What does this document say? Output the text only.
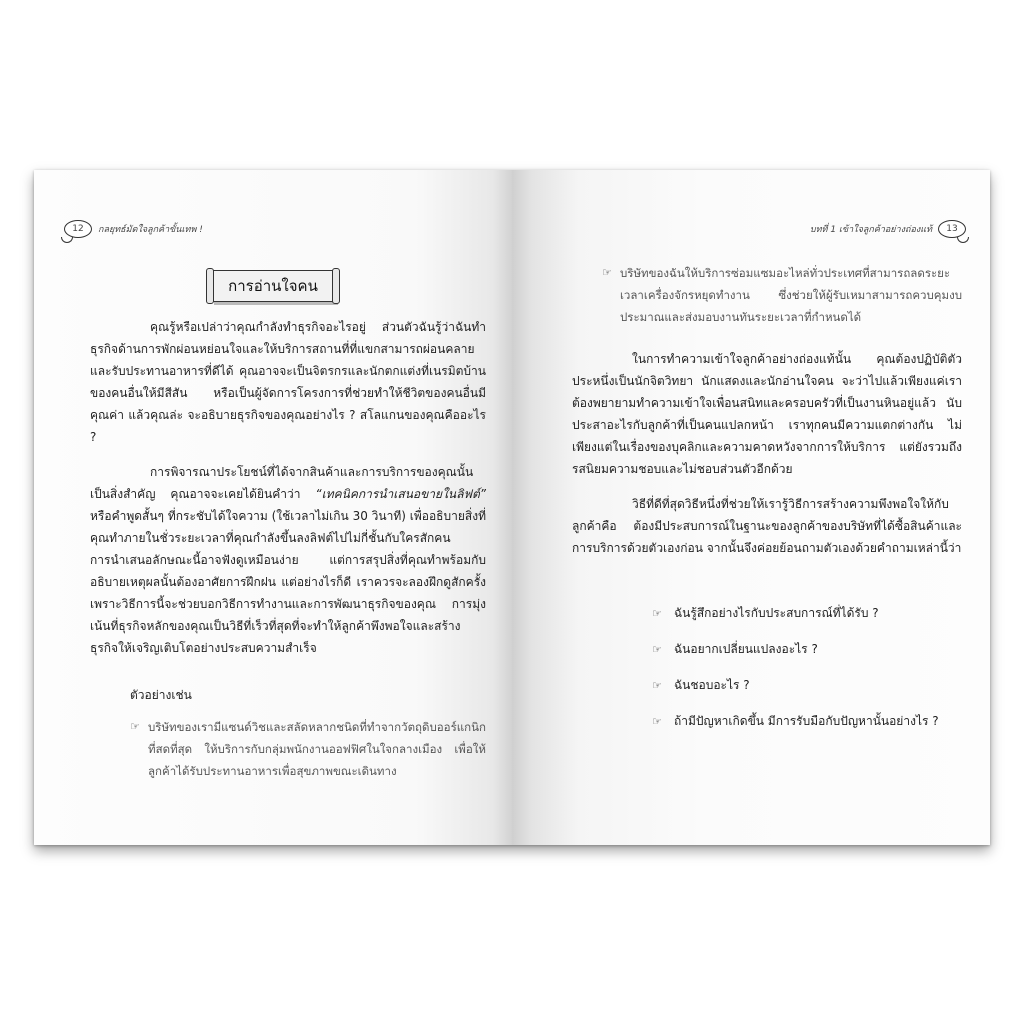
12 กลยุทธ์มัดใจลูกค้าขั้นเทพ !
การอ่านใจคน
คุณรู้หรือเปล่าว่าคุณกำลังทำธุรกิจอะไรอยู่ ส่วนตัวฉันรู้ว่าฉันทำธุรกิจด้านการพักผ่อนหย่อนใจและให้บริการสถานที่ที่แขกสามารถผ่อนคลายและรับประทานอาหารที่ดีได้ คุณอาจจะเป็นจิตรกรและนักตกแต่งที่เนรมิตบ้านของคนอื่นให้มีสีสัน หรือเป็นผู้จัดการโครงการที่ช่วยทำให้ชีวิตของคนอื่นมีคุณค่า แล้วคุณล่ะ จะอธิบายธุรกิจของคุณอย่างไร ? สโลแกนของคุณคืออะไร ?
การพิจารณาประโยชน์ที่ได้จากสินค้าและการบริการของคุณนั้นเป็นสิ่งสำคัญ คุณอาจจะเคยได้ยินคำว่า “เทคนิคการนำเสนอขายในลิฟต์” หรือคำพูดสั้นๆ ที่กระชับได้ใจความ (ใช้เวลาไม่เกิน 30 วินาที) เพื่ออธิบายสิ่งที่คุณทำภายในชั่วระยะเวลาที่คุณกำลังขึ้นลงลิฟต์ไปไม่กี่ชั้นกับใครสักคน การนำเสนอลักษณะนี้อาจฟังดูเหมือนง่าย แต่การสรุปสิ่งที่คุณทำพร้อมกับอธิบายเหตุผลนั้นต้องอาศัยการฝึกฝน แต่อย่างไรก็ดี เราควรจะลองฝึกดูสักครั้งเพราะวิธีการนี้จะช่วยบอกวิธีการทำงานและการพัฒนาธุรกิจของคุณ การมุ่งเน้นที่ธุรกิจหลักของคุณเป็นวิธีที่เร็วที่สุดที่จะทำให้ลูกค้าพึงพอใจและสร้างธุรกิจให้เจริญเติบโตอย่างประสบความสำเร็จ
ตัวอย่างเช่น
☞ บริษัทของเรามีแซนด์วิชและสลัดหลากชนิดที่ทำจากวัตถุดิบออร์แกนิกที่สดที่สุด ให้บริการกับกลุ่มพนักงานออฟฟิศในใจกลางเมือง เพื่อให้ลูกค้าได้รับประทานอาหารเพื่อสุขภาพขณะเดินทาง
บทที่ 1 เข้าใจลูกค้าอย่างถ่องแท้ 13
☞ บริษัทของฉันให้บริการซ่อมแซมอะไหล่ทั่วประเทศที่สามารถลดระยะเวลาเครื่องจักรหยุดทำงาน ซึ่งช่วยให้ผู้รับเหมาสามารถควบคุมงบประมาณและส่งมอบงานทันระยะเวลาที่กำหนดได้
ในการทำความเข้าใจลูกค้าอย่างถ่องแท้นั้น คุณต้องปฏิบัติตัวประหนึ่งเป็นนักจิตวิทยา นักแสดงและนักอ่านใจคน จะว่าไปแล้วเพียงแค่เราต้องพยายามทำความเข้าใจเพื่อนสนิทและครอบครัวที่เป็นงานหินอยู่แล้ว นับประสาอะไรกับลูกค้าที่เป็นคนแปลกหน้า เราทุกคนมีความแตกต่างกัน ไม่เพียงแต่ในเรื่องของบุคลิกและความคาดหวังจากการให้บริการ แต่ยังรวมถึงรสนิยมความชอบและไม่ชอบส่วนตัวอีกด้วย
วิธีที่ดีที่สุดวิธีหนึ่งที่ช่วยให้เรารู้วิธีการสร้างความพึงพอใจให้กับลูกค้าคือ ต้องมีประสบการณ์ในฐานะของลูกค้าของบริษัทที่ได้ซื้อสินค้าและการบริการด้วยตัวเองก่อน จากนั้นจึงค่อยย้อนถามตัวเองด้วยคำถามเหล่านี้ว่า
☞	ฉันรู้สึกอย่างไรกับประสบการณ์ที่ได้รับ ?
☞	ฉันอยากเปลี่ยนแปลงอะไร ?
☞	ฉันชอบอะไร ?
☞	ถ้ามีปัญหาเกิดขึ้น มีการรับมือกับปัญหานั้นอย่างไร ?
